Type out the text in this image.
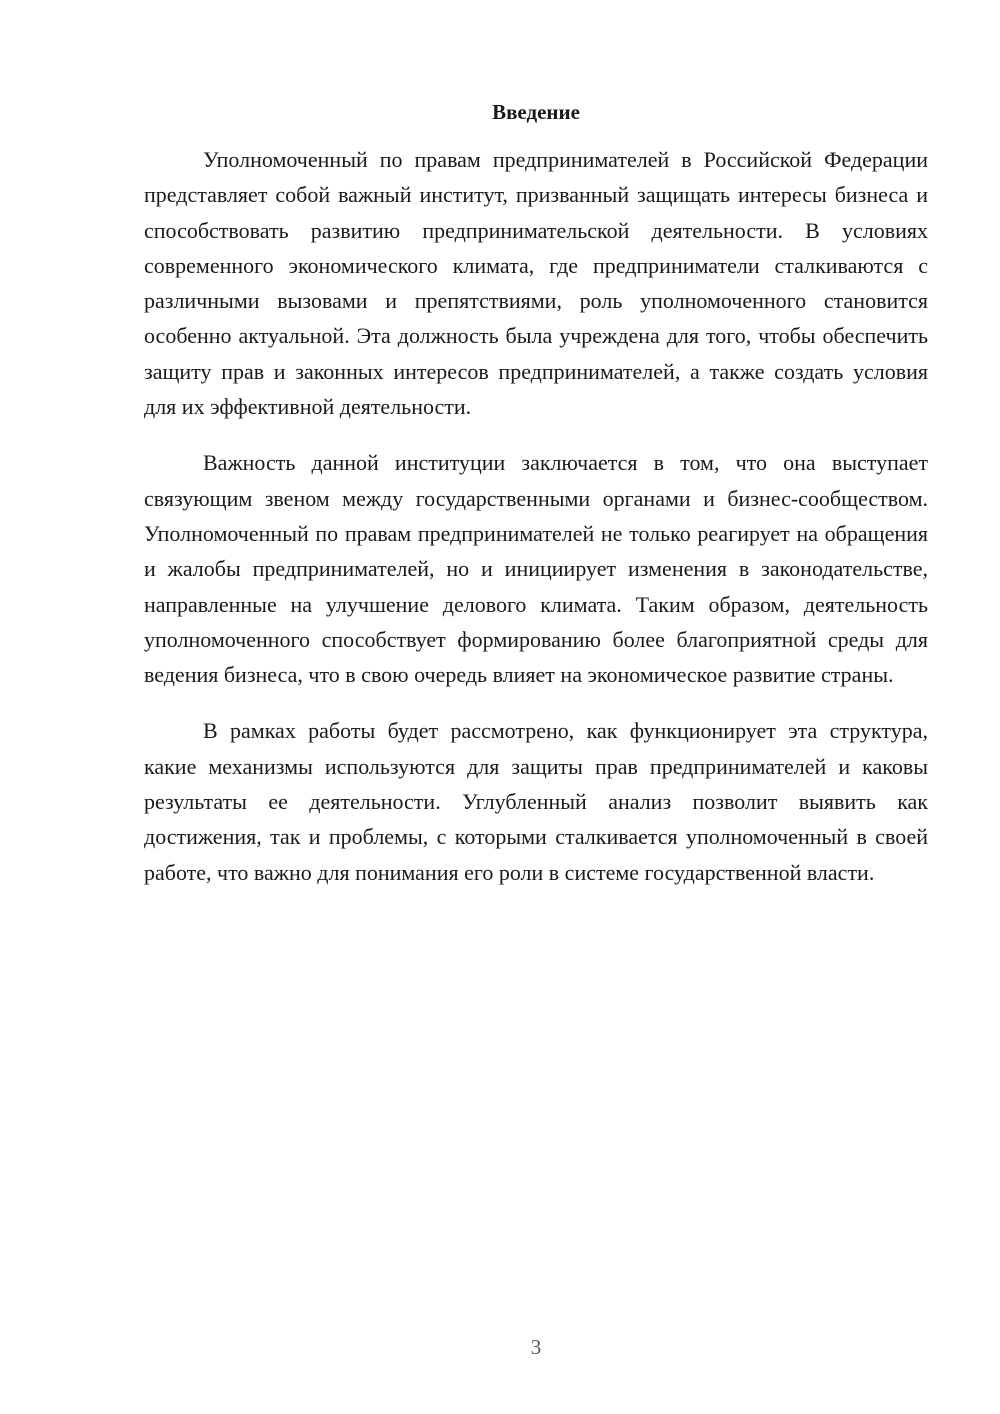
Введение

Уполномоченный по правам предпринимателей в Российской Федерации представляет собой важный институт, призванный защищать интересы бизнеса и способствовать развитию предпринимательской деятельности. В условиях современного экономического климата, где предприниматели сталкиваются с различными вызовами и препятствиями, роль уполномоченного становится особенно актуальной. Эта должность была учреждена для того, чтобы обеспечить защиту прав и законных интересов предпринимателей, а также создать условия для их эффективной деятельности.

Важность данной институции заключается в том, что она выступает связующим звеном между государственными органами и бизнес-сообществом. Уполномоченный по правам предпринимателей не только реагирует на обращения и жалобы предпринимателей, но и инициирует изменения в законодательстве, направленные на улучшение делового климата. Таким образом, деятельность уполномоченного способствует формированию более благоприятной среды для ведения бизнеса, что в свою очередь влияет на экономическое развитие страны.

В рамках работы будет рассмотрено, как функционирует эта структура, какие механизмы используются для защиты прав предпринимателей и каковы результаты ее деятельности. Углубленный анализ позволит выявить как достижения, так и проблемы, с которыми сталкивается уполномоченный в своей работе, что важно для понимания его роли в системе государственной власти.

3
